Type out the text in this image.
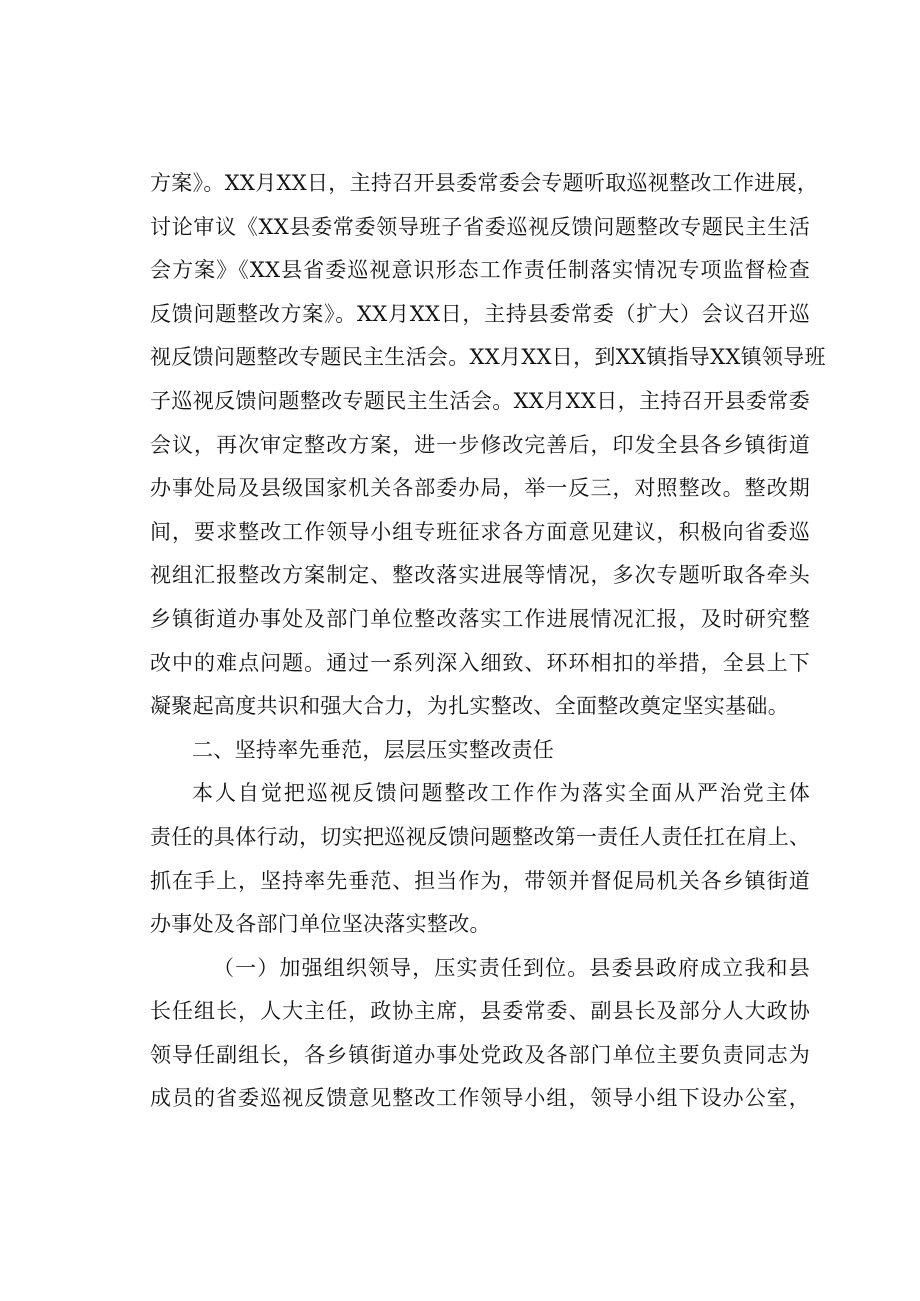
方案》。XX月XX日，主持召开县委常委会专题听取巡视整改工作进展，
讨论审议《XX县委常委领导班子省委巡视反馈问题整改专题民主生活
会方案》《XX县省委巡视意识形态工作责任制落实情况专项监督检查
反馈问题整改方案》。XX月XX日，主持县委常委（扩大）会议召开巡
视反馈问题整改专题民主生活会。XX月XX日，到XX镇指导XX镇领导班
子巡视反馈问题整改专题民主生活会。XX月XX日，主持召开县委常委
会议，再次审定整改方案，进一步修改完善后，印发全县各乡镇街道
办事处局及县级国家机关各部委办局，举一反三，对照整改。整改期
间，要求整改工作领导小组专班征求各方面意见建议，积极向省委巡
视组汇报整改方案制定、整改落实进展等情况，多次专题听取各牵头
乡镇街道办事处及部门单位整改落实工作进展情况汇报，及时研究整
改中的难点问题。通过一系列深入细致、环环相扣的举措，全县上下
凝聚起高度共识和强大合力，为扎实整改、全面整改奠定坚实基础。
二、坚持率先垂范，层层压实整改责任
本人自觉把巡视反馈问题整改工作作为落实全面从严治党主体
责任的具体行动，切实把巡视反馈问题整改第一责任人责任扛在肩上、
抓在手上，坚持率先垂范、担当作为，带领并督促局机关各乡镇街道
办事处及各部门单位坚决落实整改。
（一）加强组织领导，压实责任到位。县委县政府成立我和县
长任组长，人大主任，政协主席，县委常委、副县长及部分人大政协
领导任副组长，各乡镇街道办事处党政及各部门单位主要负责同志为
成员的省委巡视反馈意见整改工作领导小组，领导小组下设办公室，
